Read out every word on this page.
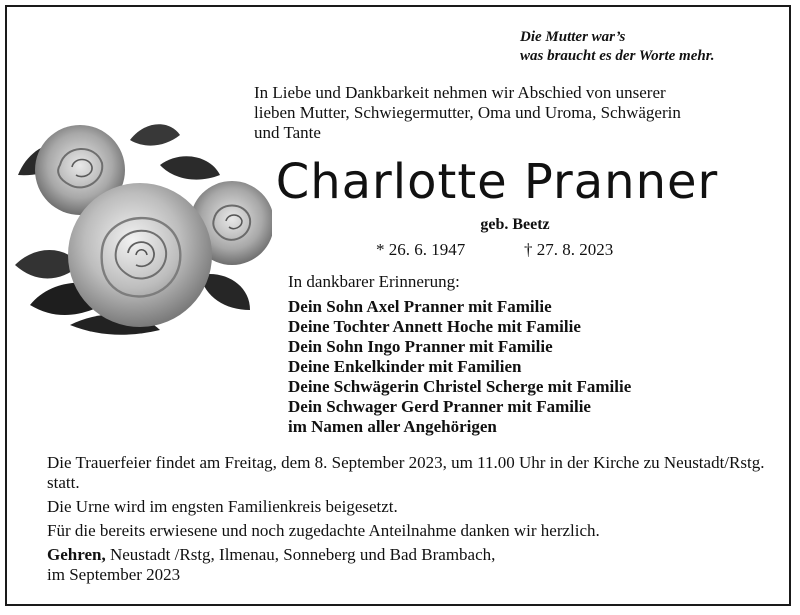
Die Mutter war’s
was braucht es der Worte mehr.
In Liebe und Dankbarkeit nehmen wir Abschied von unserer
lieben Mutter, Schwiegermutter, Oma und Uroma, Schwägerin
und Tante
Charlotte Pranner
geb. Beetz
* 26. 6. 1947	† 27. 8. 2023
In dankbarer Erinnerung:
Dein Sohn Axel Pranner mit Familie
Deine Tochter Annett Hoche mit Familie
Dein Sohn Ingo Pranner mit Familie
Deine Enkelkinder mit Familien
Deine Schwägerin Christel Scherge mit Familie
Dein Schwager Gerd Pranner mit Familie
im Namen aller Angehörigen

Die Trauerfeier findet am Freitag, dem 8. September 2023, um 11.00 Uhr in der Kirche zu Neustadt/Rstg. statt.

Die Urne wird im engsten Familienkreis beigesetzt.

Für die bereits erwiesene und noch zugedachte Anteilnahme danken wir herzlich.

Gehren, Neustadt /Rstg, Ilmenau, Sonneberg und Bad Brambach,

im September 2023
